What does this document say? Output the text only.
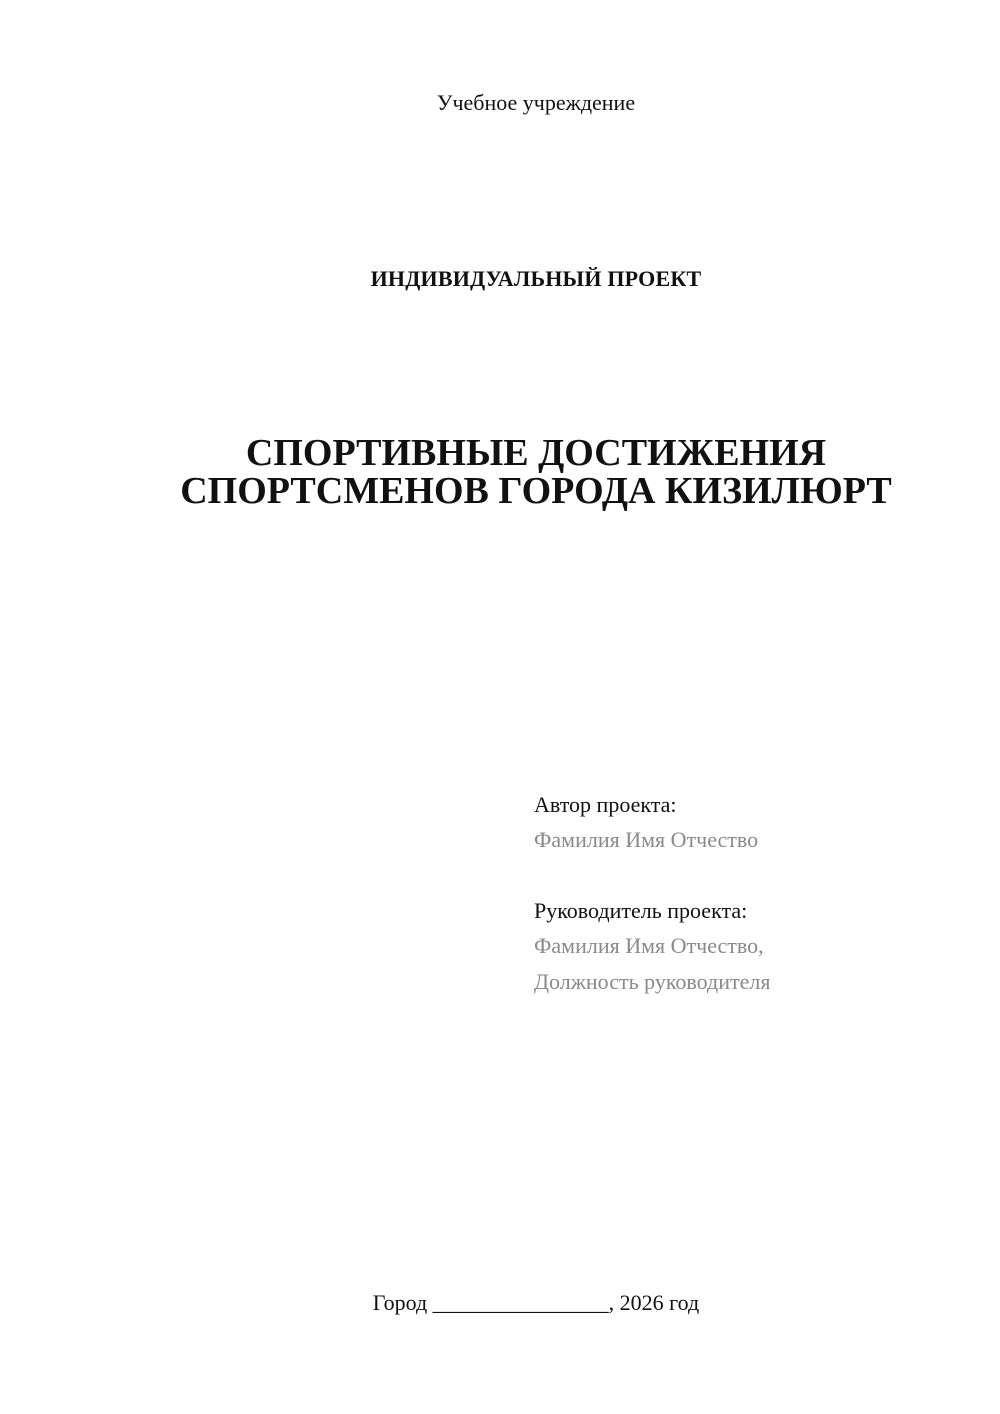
Учебное учреждение
ИНДИВИДУАЛЬНЫЙ ПРОЕКТ
СПОРТИВНЫЕ ДОСТИЖЕНИЯ
СПОРТСМЕНОВ ГОРОДА КИЗИЛЮРТ
Автор проекта:
Фамилия Имя Отчество
Руководитель проекта:
Фамилия Имя Отчество,
Должность руководителя
Город ________________, 2026 год
